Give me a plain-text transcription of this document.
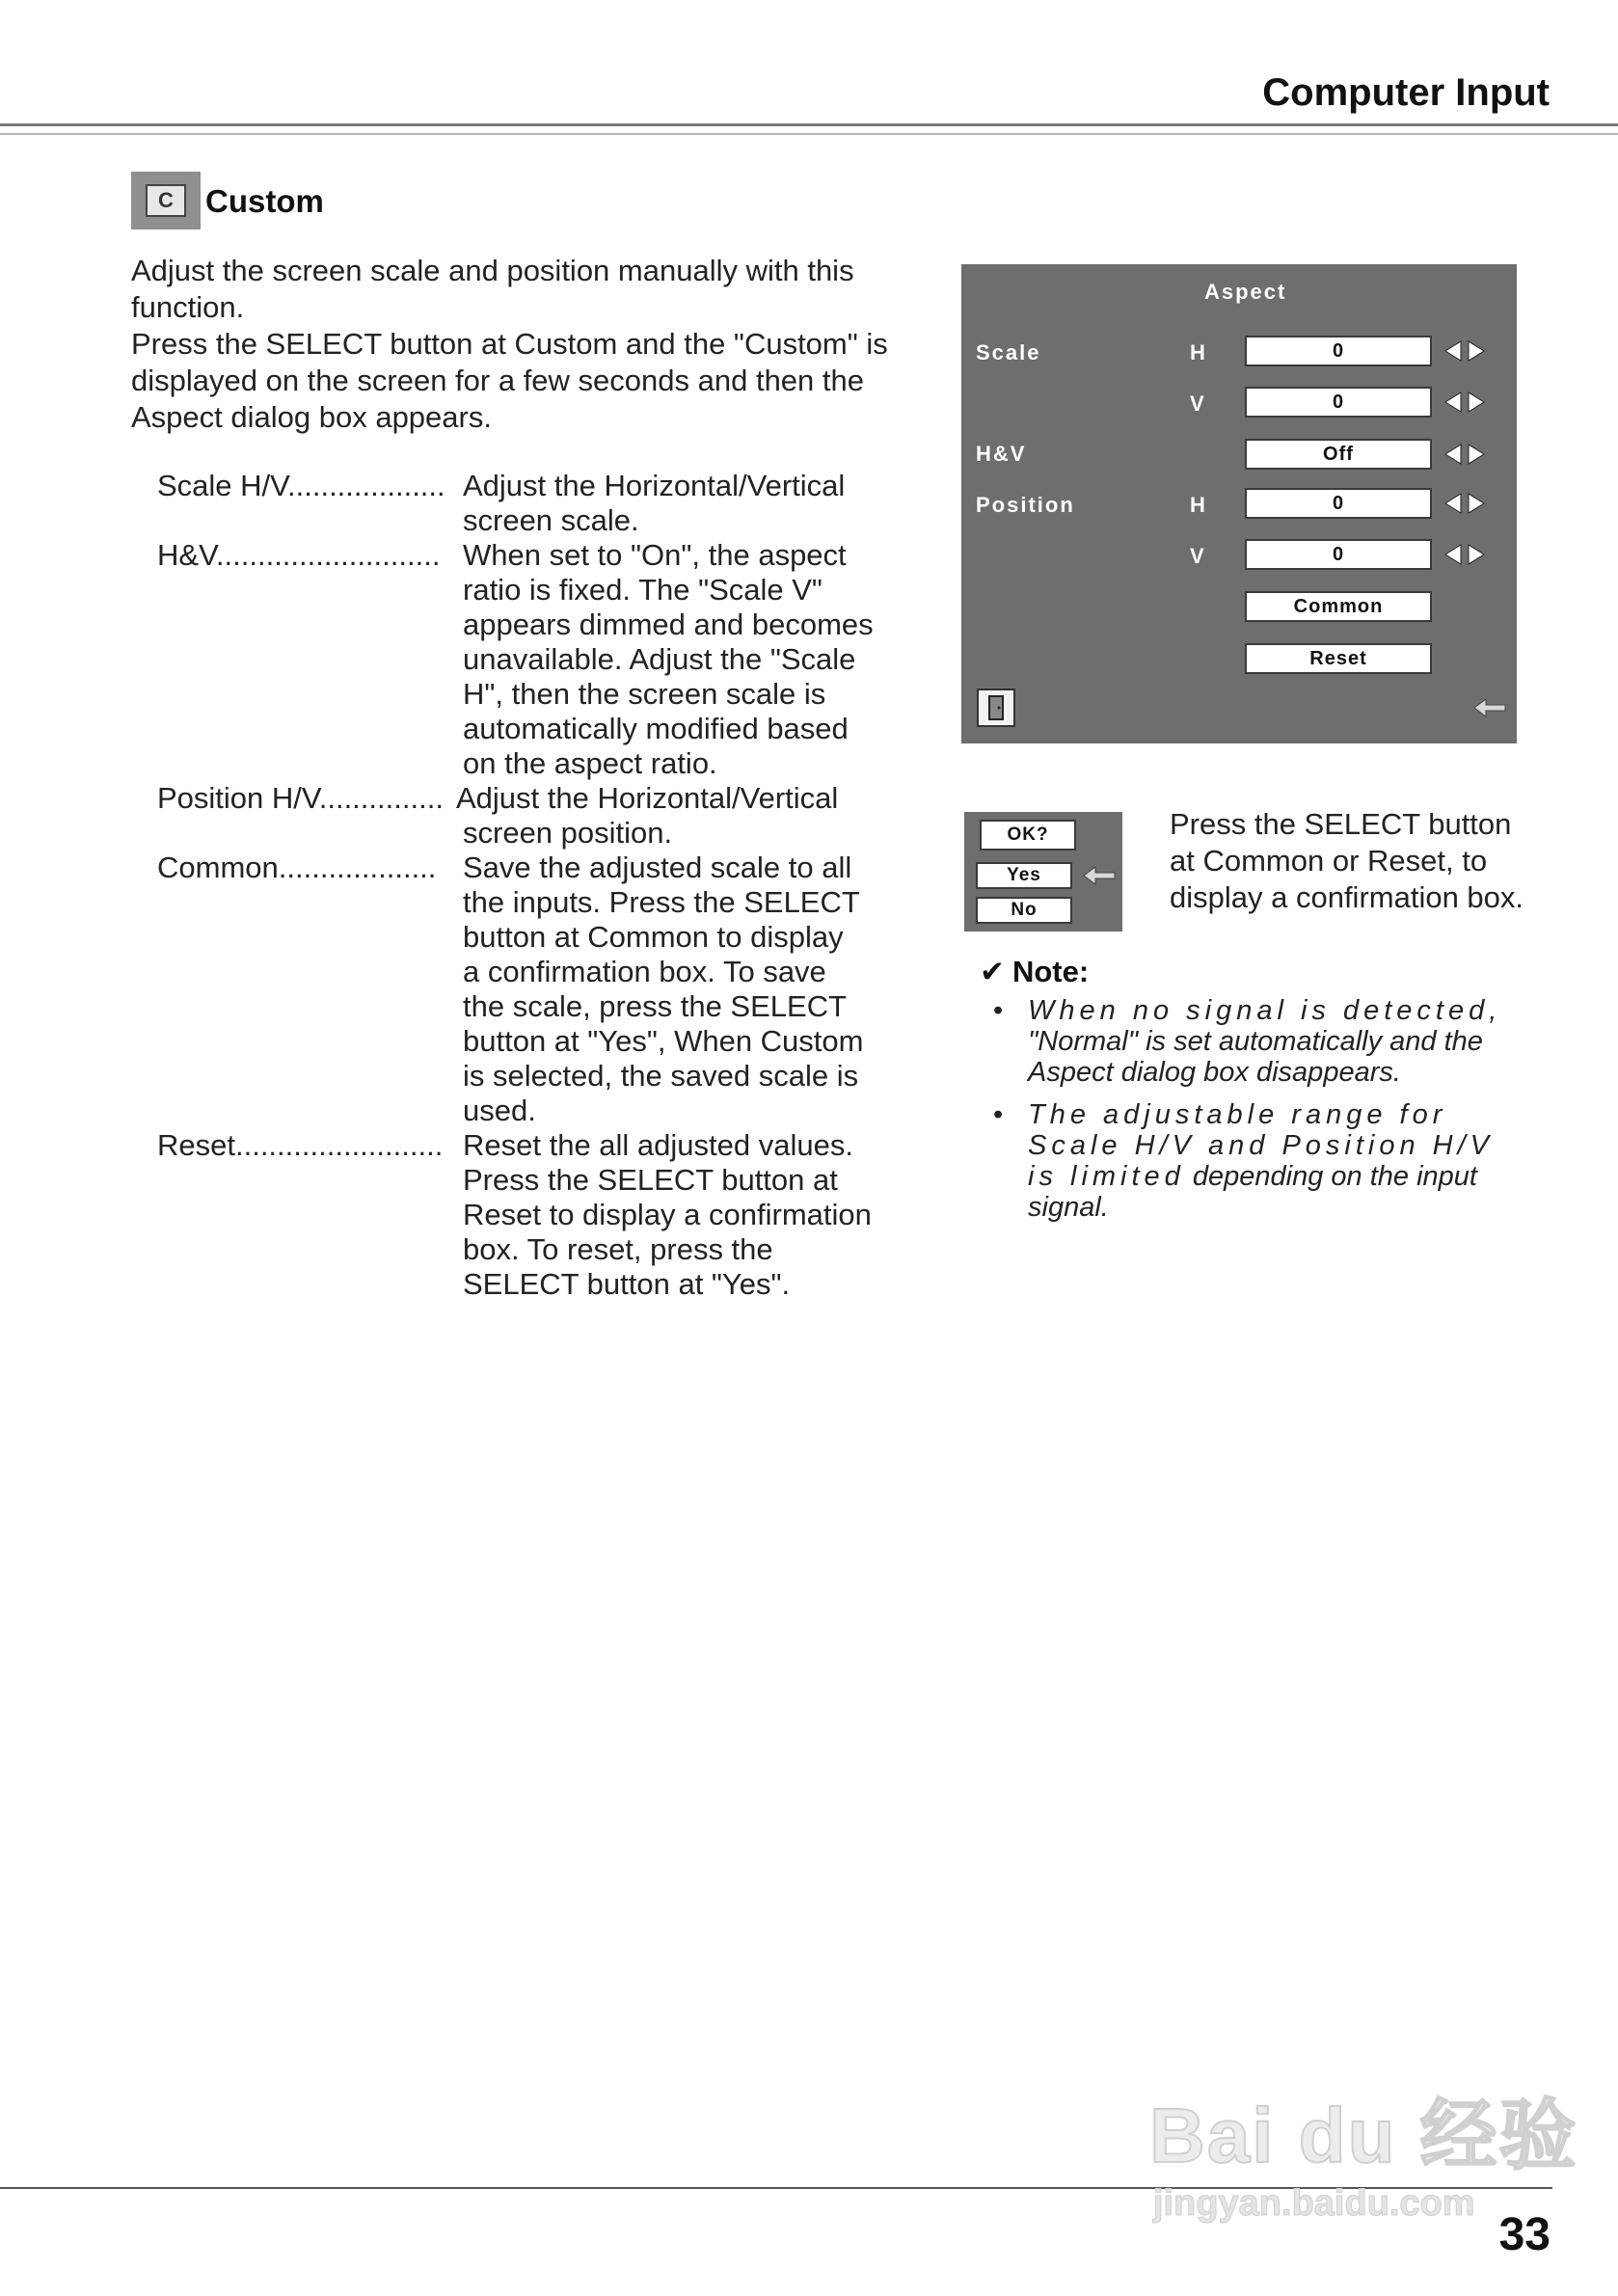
Computer Input
C	Custom

Adjust the screen scale and position manually with this function.

Press the SELECT button at Custom and the "Custom" is displayed on the screen for a few seconds and then the Aspect dialog box appears.

Scale H/V................... Adjust the Horizontal/Vertical
screen scale.
H&V........................... When set to "On", the aspect
ratio is fixed. The "Scale V"
appears dimmed and becomes
unavailable. Adjust the "Scale
H", then the screen scale is
automatically modified based
on the aspect ratio.
Position H/V............... Adjust the Horizontal/Vertical
screen position.
Common................... Save the adjusted scale to all
the inputs. Press the SELECT
button at Common to display
a confirmation box. To save
the scale, press the SELECT
button at "Yes", When Custom
is selected, the saved scale is
used.
Reset......................... Reset the all adjusted values.
Press the SELECT button at
Reset to display a confirmation
box. To reset, press the
SELECT button at "Yes".
Aspect
Scale	H	0
V	0
H&V	Off
Position	H	0
V	0
Common
Reset
OK?
Yes
No
Press the SELECT button at Common or Reset, to display a confirmation box.
✔ Note:
• When no signal is detected, "Normal" is set automatically and the Aspect dialog box disappears.
• The adjustable range for Scale H/V and Position H/V is limited depending on the input signal.
Bai du 经验
jingyan.baidu.com
33
